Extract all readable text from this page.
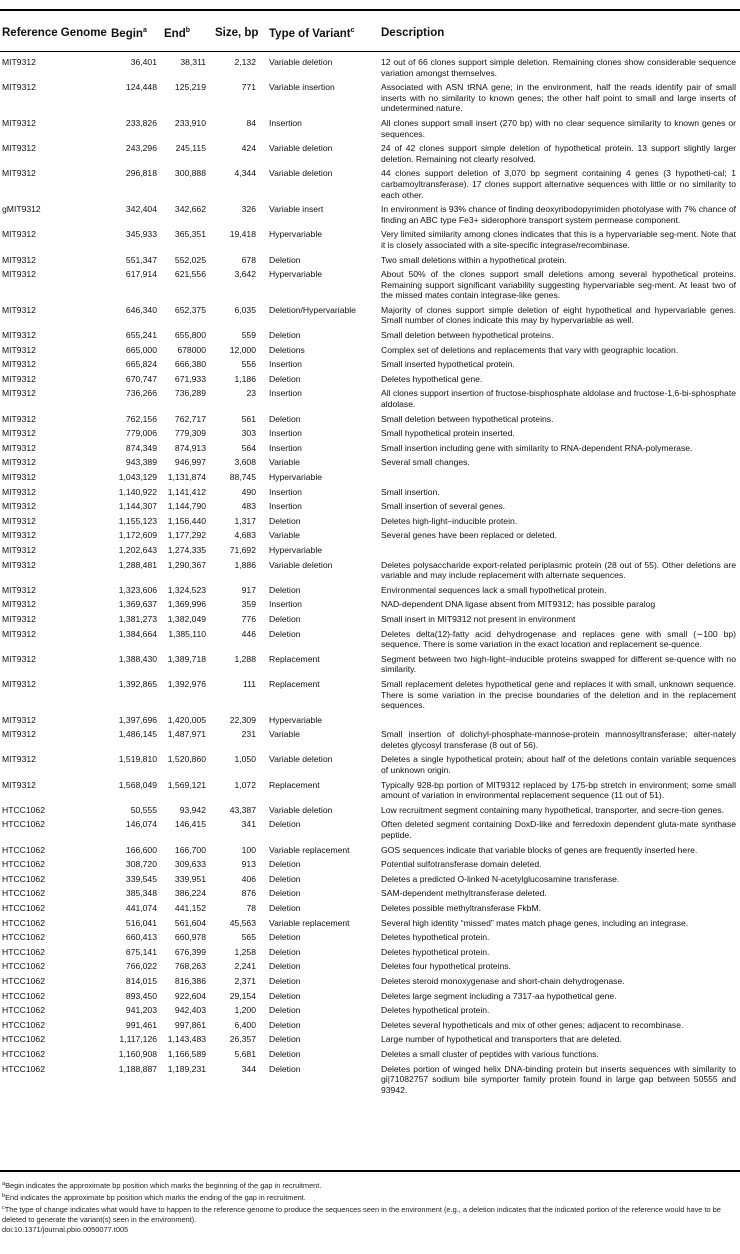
Reference Genome Begin$^a$ End$^b$ Size, bp Type of Variant$^c$ Description
MIT9312	36,401	38,311	2,132 Variable deletion	12 out of 66 clones support simple deletion. Remaining clones show considerable sequence variation amongst themselves.
MIT9312	124,448	125,219	771 Variable insertion	Associated with ASN tRNA gene; in the environment, half the reads identify pair of small inserts with no similarity to known genes; the other half point to small and large inserts of undetermined nature.
MIT9312	233,826	233,910	84 Insertion	All clones support small insert (270 bp) with no clear sequence similarity to known genes or sequences.
MIT9312	243,296	245,115	424 Variable deletion	24 of 42 clones support simple deletion of hypothetical protein. 13 support slightly larger deletion. Remaining not clearly resolved.
MIT9312	296,818	300,888	4,344 Variable deletion	44 clones support deletion of 3,070 bp segment containing 4 genes (3 hypotheti-cal; 1 carbamoyltransferase). 17 clones support alternative sequences with little or no similarity to each other.
gMIT9312	342,404	342,662	326 Variable insert	In environment is 93% chance of finding deoxyribodopyrimiden photolyase with 7% chance of finding an ABC type Fe3+ siderophore transport system permease component.
MIT9312	345,933	365,351	19,418 Hypervariable	Very limited similarity among clones indicates that this is a hypervariable seg-ment. Note that it is closely associated with a site-specific integrase/recombinase.
MIT9312	551,347	552,025	678 Deletion	Two small deletions within a hypothetical protein.
MIT9312	617,914	621,556	3,642 Hypervariable	About 50% of the clones support small deletions among several hypothetical proteins. Remaining support significant variability suggesting hypervariable seg-ment. At least two of the missed mates contain integrase-like genes.
MIT9312	646,340	652,375	6,035 Deletion/Hypervariable	Majority of clones support simple deletion of eight hypothetical and hypervariable genes. Small number of clones indicate this may by hypervariable as well.
MIT9312	655,241	655,800	559 Deletion	Small deletion between hypothetical proteins.
MIT9312	665,000	678000	12,000 Deletions	Complex set of deletions and replacements that vary with geographic location.
MIT9312	665,824	666,380	556 Insertion	Small inserted hypothetical protein.
MIT9312	670,747	671,933	1,186 Deletion	Deletes hypothetical gene.
MIT9312	736,266	736,289	23 Insertion	All clones support insertion of fructose-bisphosphate aldolase and fructose-1,6-bi-sphosphate aldolase.
MIT9312	762,156	762,717	561 Deletion	Small deletion between hypothetical proteins.
MIT9312	779,006	779,309	303 Insertion	Small hypothetical protein inserted.
MIT9312	874,349	874,913	564 Insertion	Small insertion including gene with similarity to RNA-dependent RNA-polymerase.
MIT9312	943,389	946,997	3,608 Variable	Several small changes.
MIT9312	1,043,129	1,131,874	88,745 Hypervariable
MIT9312	1,140,922	1,141,412	490 Insertion	Small insertion.
MIT9312	1,144,307	1,144,790	483 Insertion	Small insertion of several genes.
MIT9312	1,155,123	1,156,440	1,317 Deletion	Deletes high-light–inducible protein.
MIT9312	1,172,609	1,177,292	4,683 Variable	Several genes have been replaced or deleted.
MIT9312	1,202,643	1,274,335	71,692 Hypervariable
MIT9312	1,288,481	1,290,367	1,886 Variable deletion	Deletes polysaccharide export-related periplasmic protein (28 out of 55). Other deletions are variable and may include replacement with alternate sequences.
MIT9312	1,323,606	1,324,523	917 Deletion	Environmental sequences lack a small hypothetical protein.
MIT9312	1,369,637	1,369,996	359 Insertion	NAD-dependent DNA ligase absent from MIT9312; has possible paralog
MIT9312	1,381,273	1,382,049	776 Deletion	Small insert in MIT9312 not present in environment
MIT9312	1,384,664	1,385,110	446 Deletion	Deletes delta(12)-fatty acid dehydrogenase and replaces gene with small (∼100 bp) sequence. There is some variation in the exact location and replacement se-quence.
MIT9312	1,388,430	1,389,718	1,288 Replacement	Segment between two high-light–inducible proteins swapped for different se-quence with no similarity.
MIT9312	1,392,865	1,392,976	111 Replacement	Small replacement deletes hypothetical gene and replaces it with small, unknown sequence. There is some variation in the precise boundaries of the deletion and in the replacement sequences.
MIT9312	1,397,696	1,420,005	22,309 Hypervariable
MIT9312	1,486,145	1,487,971	231 Variable	Small insertion of dolichyl-phosphate-mannose-protein mannosyltransferase; alter-nately deletes glycosyl transferase (8 out of 56).
MIT9312	1,519,810	1,520,860	1,050 Variable deletion	Deletes a single hypothetical protein; about half of the deletions contain variable sequences of unknown origin.
MIT9312	1,568,049	1,569,121	1,072 Replacement	Typically 928-bp portion of MIT9312 replaced by 175-bp stretch in environment; some small amount of variation in environmental replacement sequence (11 out of 51).
HTCC1062	50,555	93,942	43,387 Variable deletion	Low recruitment segment containing many hypothetical, transporter, and secre-tion genes.
HTCC1062	146,074	146,415	341 Deletion	Often deleted segment containing DoxD-like and ferredoxin dependent gluta-mate synthase peptide.
HTCC1062	166,600	166,700	100 Variable replacement	GOS sequences indicate that variable blocks of genes are frequently inserted here.
HTCC1062	308,720	309,633	913 Deletion	Potential sulfotransferase domain deleted.
HTCC1062	339,545	339,951	406 Deletion	Deletes a predicted O-linked N-acetylglucosamine transferase.
HTCC1062	385,348	386,224	876 Deletion	SAM-dependent methyltransferase deleted.
HTCC1062	441,074	441,152	78 Deletion	Deletes possible methyltransferase FkbM.
HTCC1062	516,041	561,604	45,563 Variable replacement	Several high identity “missed” mates match phage genes, including an integrase.
HTCC1062	660,413	660,978	565 Deletion	Deletes hypothetical protein.
HTCC1062	675,141	676,399	1,258 Deletion	Deletes hypothetical protein.
HTCC1062	766,022	768,263	2,241 Deletion	Deletes four hypothetical proteins.
HTCC1062	814,015	816,386	2,371 Deletion	Deletes steroid monoxygenase and short-chain dehydrogenase.
HTCC1062	893,450	922,604	29,154 Deletion	Deletes large segment including a 7317-aa hypothetical gene.
HTCC1062	941,203	942,403	1,200 Deletion	Deletes hypothetical protein.
HTCC1062	991,461	997,861	6,400 Deletion	Deletes several hypotheticals and mix of other genes; adjacent to recombinase.
HTCC1062	1,117,126	1,143,483	26,357 Deletion	Large number of hypothetical and transporters that are deleted.
HTCC1062	1,160,908	1,166,589	5,681 Deletion	Deletes a small cluster of peptides with various functions.
HTCC1062	1,188,887	1,189,231	344 Deletion	Deletes portion of winged helix DNA-binding protein but inserts sequences with similarity to gi|71082757 sodium bile symporter family protein found in large gap between 50555 and 93942.

$^a$Begin indicates the approximate bp position which marks the beginning of the gap in recruitment.

$^b$End indicates the approximate bp position which marks the ending of the gap in recruitment.

$^c$The type of change indicates what would have to happen to the reference genome to produce the sequences seen in the environment (e.g., a deletion indicates that the indicated portion of the reference would have to be deleted to generate the variant(s) seen in the environment).

doi:10.1371/journal.pbio.0050077.t005
